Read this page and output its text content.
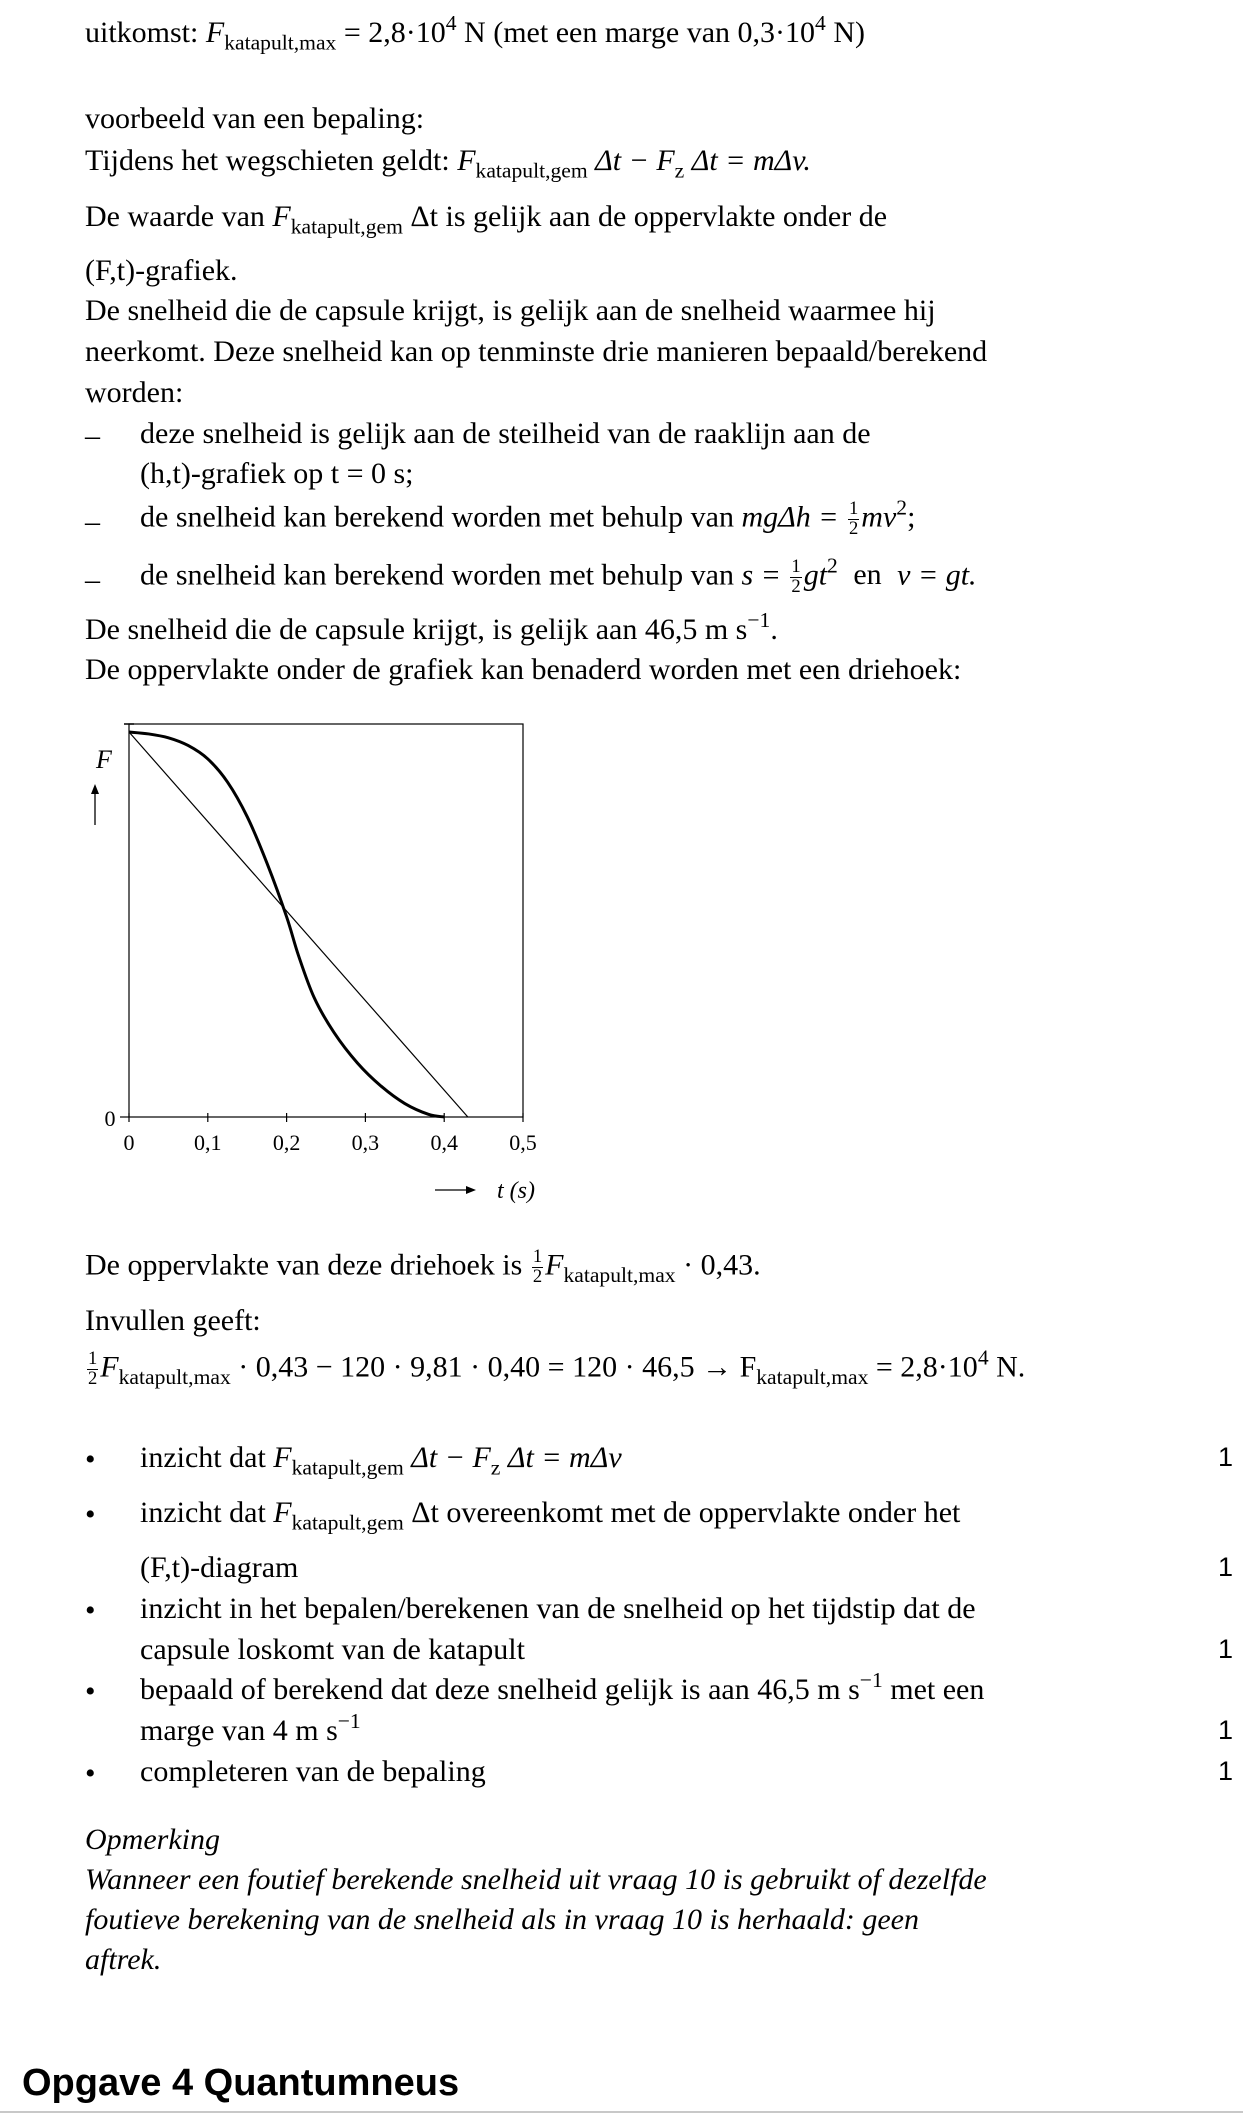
uitkomst: $F_{katapult,max} = 2,8\cdot 10^4$ N (met een marge van $0,3\cdot 10^4$ N)
voorbeeld van een bepaling:
Tijdens het wegschieten geldt: $F_{katapult,gem}$ $\Delta t - F_z$ Δt = mΔv.
De waarde van $F_{katapult,gem}$ Δt is gelijk aan de oppervlakte onder de
(F,t)-grafiek.
De snelheid die de capsule krijgt, is gelijk aan de snelheid waarmee hij
neerkomt. Deze snelheid kan op tenminste drie manieren bepaald/berekend
worden:
– deze snelheid is gelijk aan de steilheid van de raaklijn aan de
(h,t)-grafiek op t = 0 s;
– de snelheid kan berekend worden met behulp van $mg\Delta h = \frac{1}{2} mv^2$;
– de snelheid kan berekend worden met behulp van $s = \frac{1}{2} gt^2$ en v = gt.
De snelheid die de capsule krijgt, is gelijk aan 46,5 m $s^{-1}$.
De oppervlakte onder de grafiek kan benaderd worden met een driehoek:
0	0,1 0,2 0,3 0,4 0,5
0
F
t (s)
De oppervlakte van deze driehoek is $\frac{1}{2} F_{katapult,max} \cdot 0,43$.
Invullen geeft:
$\frac{1}{2} F_{katapult,max} \cdot 0,43 - 120 \cdot 9,81 \cdot 0,40 = 120 \cdot 46,5 \to F_{katapult,max} = 2,8\cdot 10^4$ N.
• inzicht dat $F_{katapult,gem}$ $\Delta t - F_z$ Δt = mΔv	1
• inzicht dat $F_{katapult,gem}$ Δt overeenkomt met de oppervlakte onder het
(F,t)-diagram	1
• inzicht in het bepalen/berekenen van de snelheid op het tijdstip dat de
capsule loskomt van de katapult	1
• bepaald of berekend dat deze snelheid gelijk is aan 46,5 m $s^{-1}$ met een
marge van 4 m $s^{-1}$	1
• completeren van de bepaling	1
Opmerking
Wanneer een foutief berekende snelheid uit vraag 10 is gebruikt of dezelfde
foutieve berekening van de snelheid als in vraag 10 is herhaald: geen
aftrek.
Opgave 4 Quantumneus
